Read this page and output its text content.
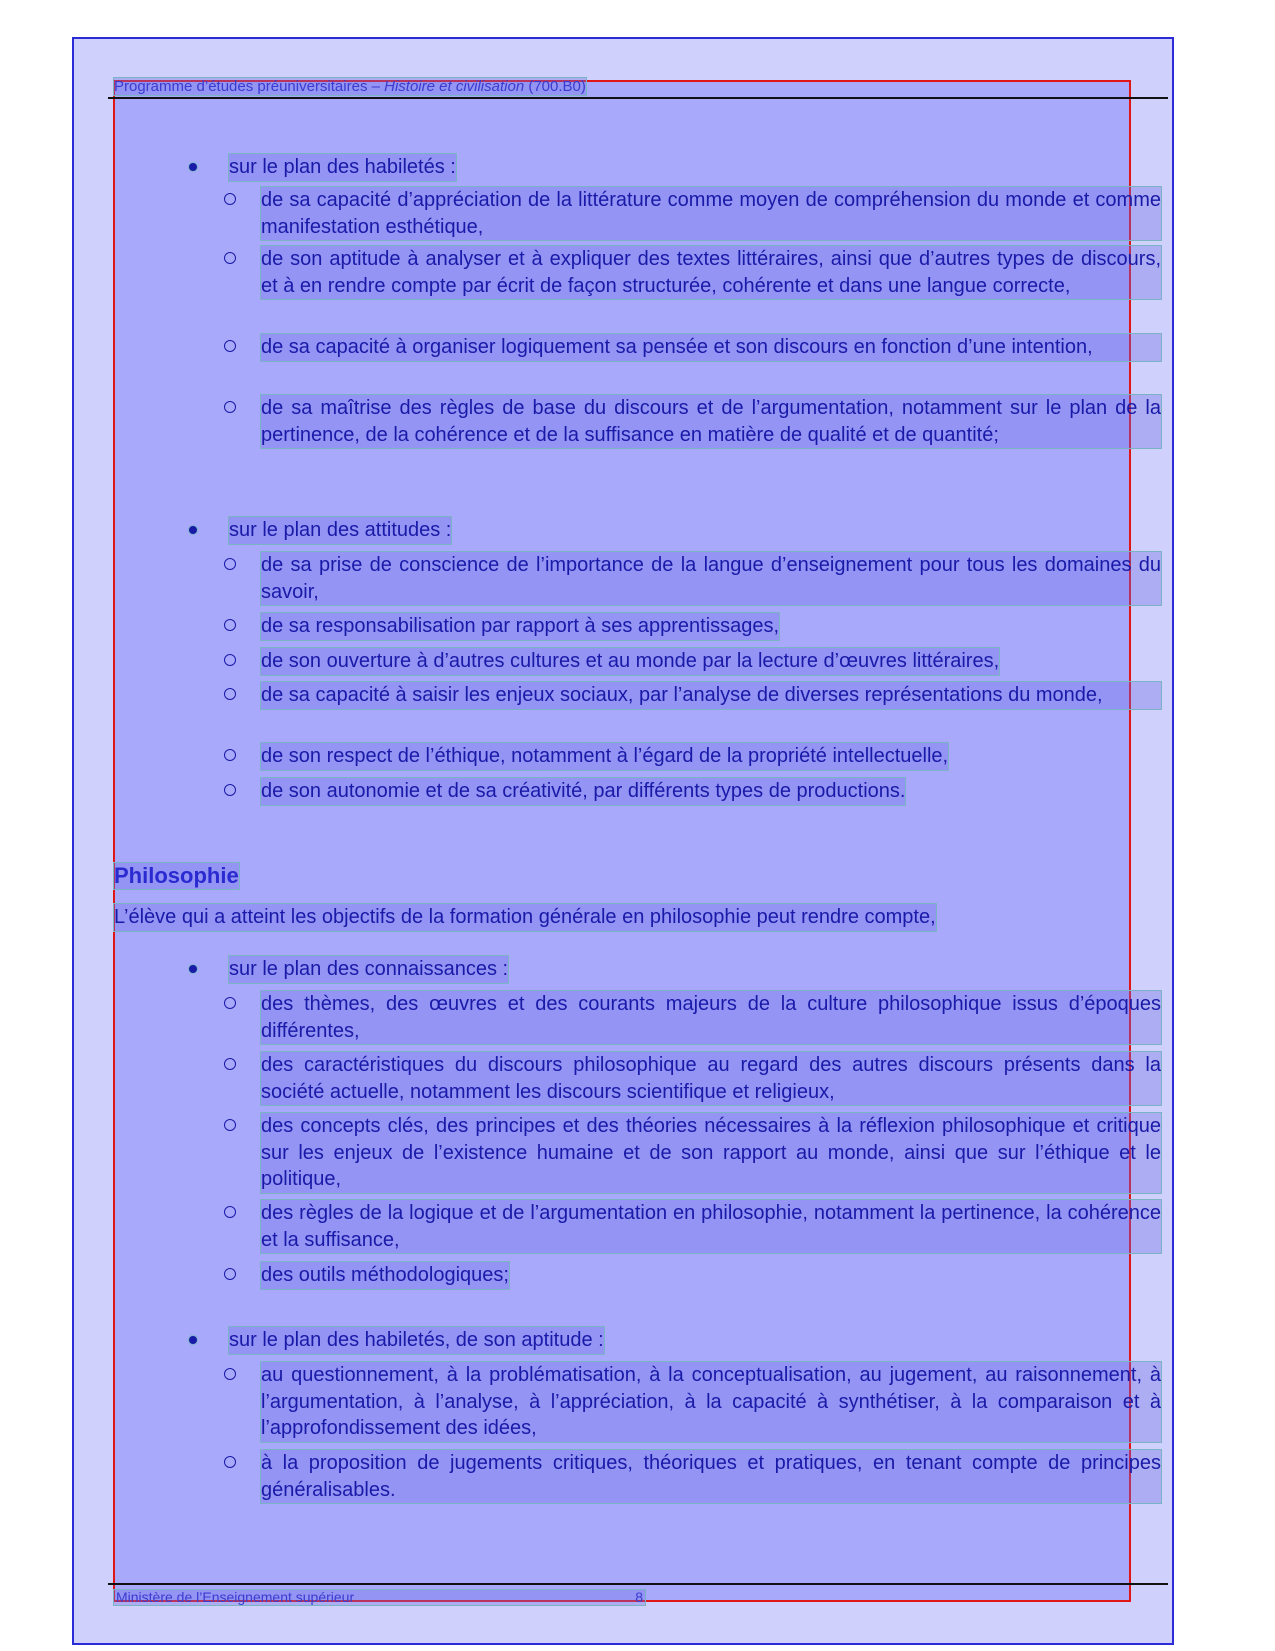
Programme d’études préuniversitaires – Histoire et civilisation (700.B0)
sur le plan des habiletés :
de sa capacité d’appréciation de la littérature comme moyen de compréhension du monde et comme manifestation esthétique,
de son aptitude à analyser et à expliquer des textes littéraires, ainsi que d’autres types de discours, et à en rendre compte par écrit de façon structurée, cohérente et dans une langue correcte,
de sa capacité à organiser logiquement sa pensée et son discours en fonction d’une intention,
de sa maîtrise des règles de base du discours et de l’argumentation, notamment sur le plan de la pertinence, de la cohérence et de la suffisance en matière de qualité et de quantité;
sur le plan des attitudes :
de sa prise de conscience de l’importance de la langue d’enseignement pour tous les domaines du savoir,
de sa responsabilisation par rapport à ses apprentissages,
de son ouverture à d’autres cultures et au monde par la lecture d’œuvres littéraires,
de sa capacité à saisir les enjeux sociaux, par l’analyse de diverses représentations du monde,
de son respect de l’éthique, notamment à l’égard de la propriété intellectuelle,
de son autonomie et de sa créativité, par différents types de productions.
Philosophie
L’élève qui a atteint les objectifs de la formation générale en philosophie peut rendre compte,
sur le plan des connaissances :
des thèmes, des œuvres et des courants majeurs de la culture philosophique issus d’époques différentes,
des caractéristiques du discours philosophique au regard des autres discours présents dans la société actuelle, notamment les discours scientifique et religieux,
des concepts clés, des principes et des théories nécessaires à la réflexion philosophique et critique sur les enjeux de l’existence humaine et de son rapport au monde, ainsi que sur l’éthique et le politique,
des règles de la logique et de l’argumentation en philosophie, notamment la pertinence, la cohérence et la suffisance,
des outils méthodologiques;
sur le plan des habiletés, de son aptitude :
au questionnement, à la problématisation, à la conceptualisation, au jugement, au raisonnement, à l’argumentation, à l’analyse, à l’appréciation, à la capacité à synthétiser, à la comparaison et à l’approfondissement des idées,
à la proposition de jugements critiques, théoriques et pratiques, en tenant compte de principes généralisables.
Ministère de l’Enseignement supérieur	8
